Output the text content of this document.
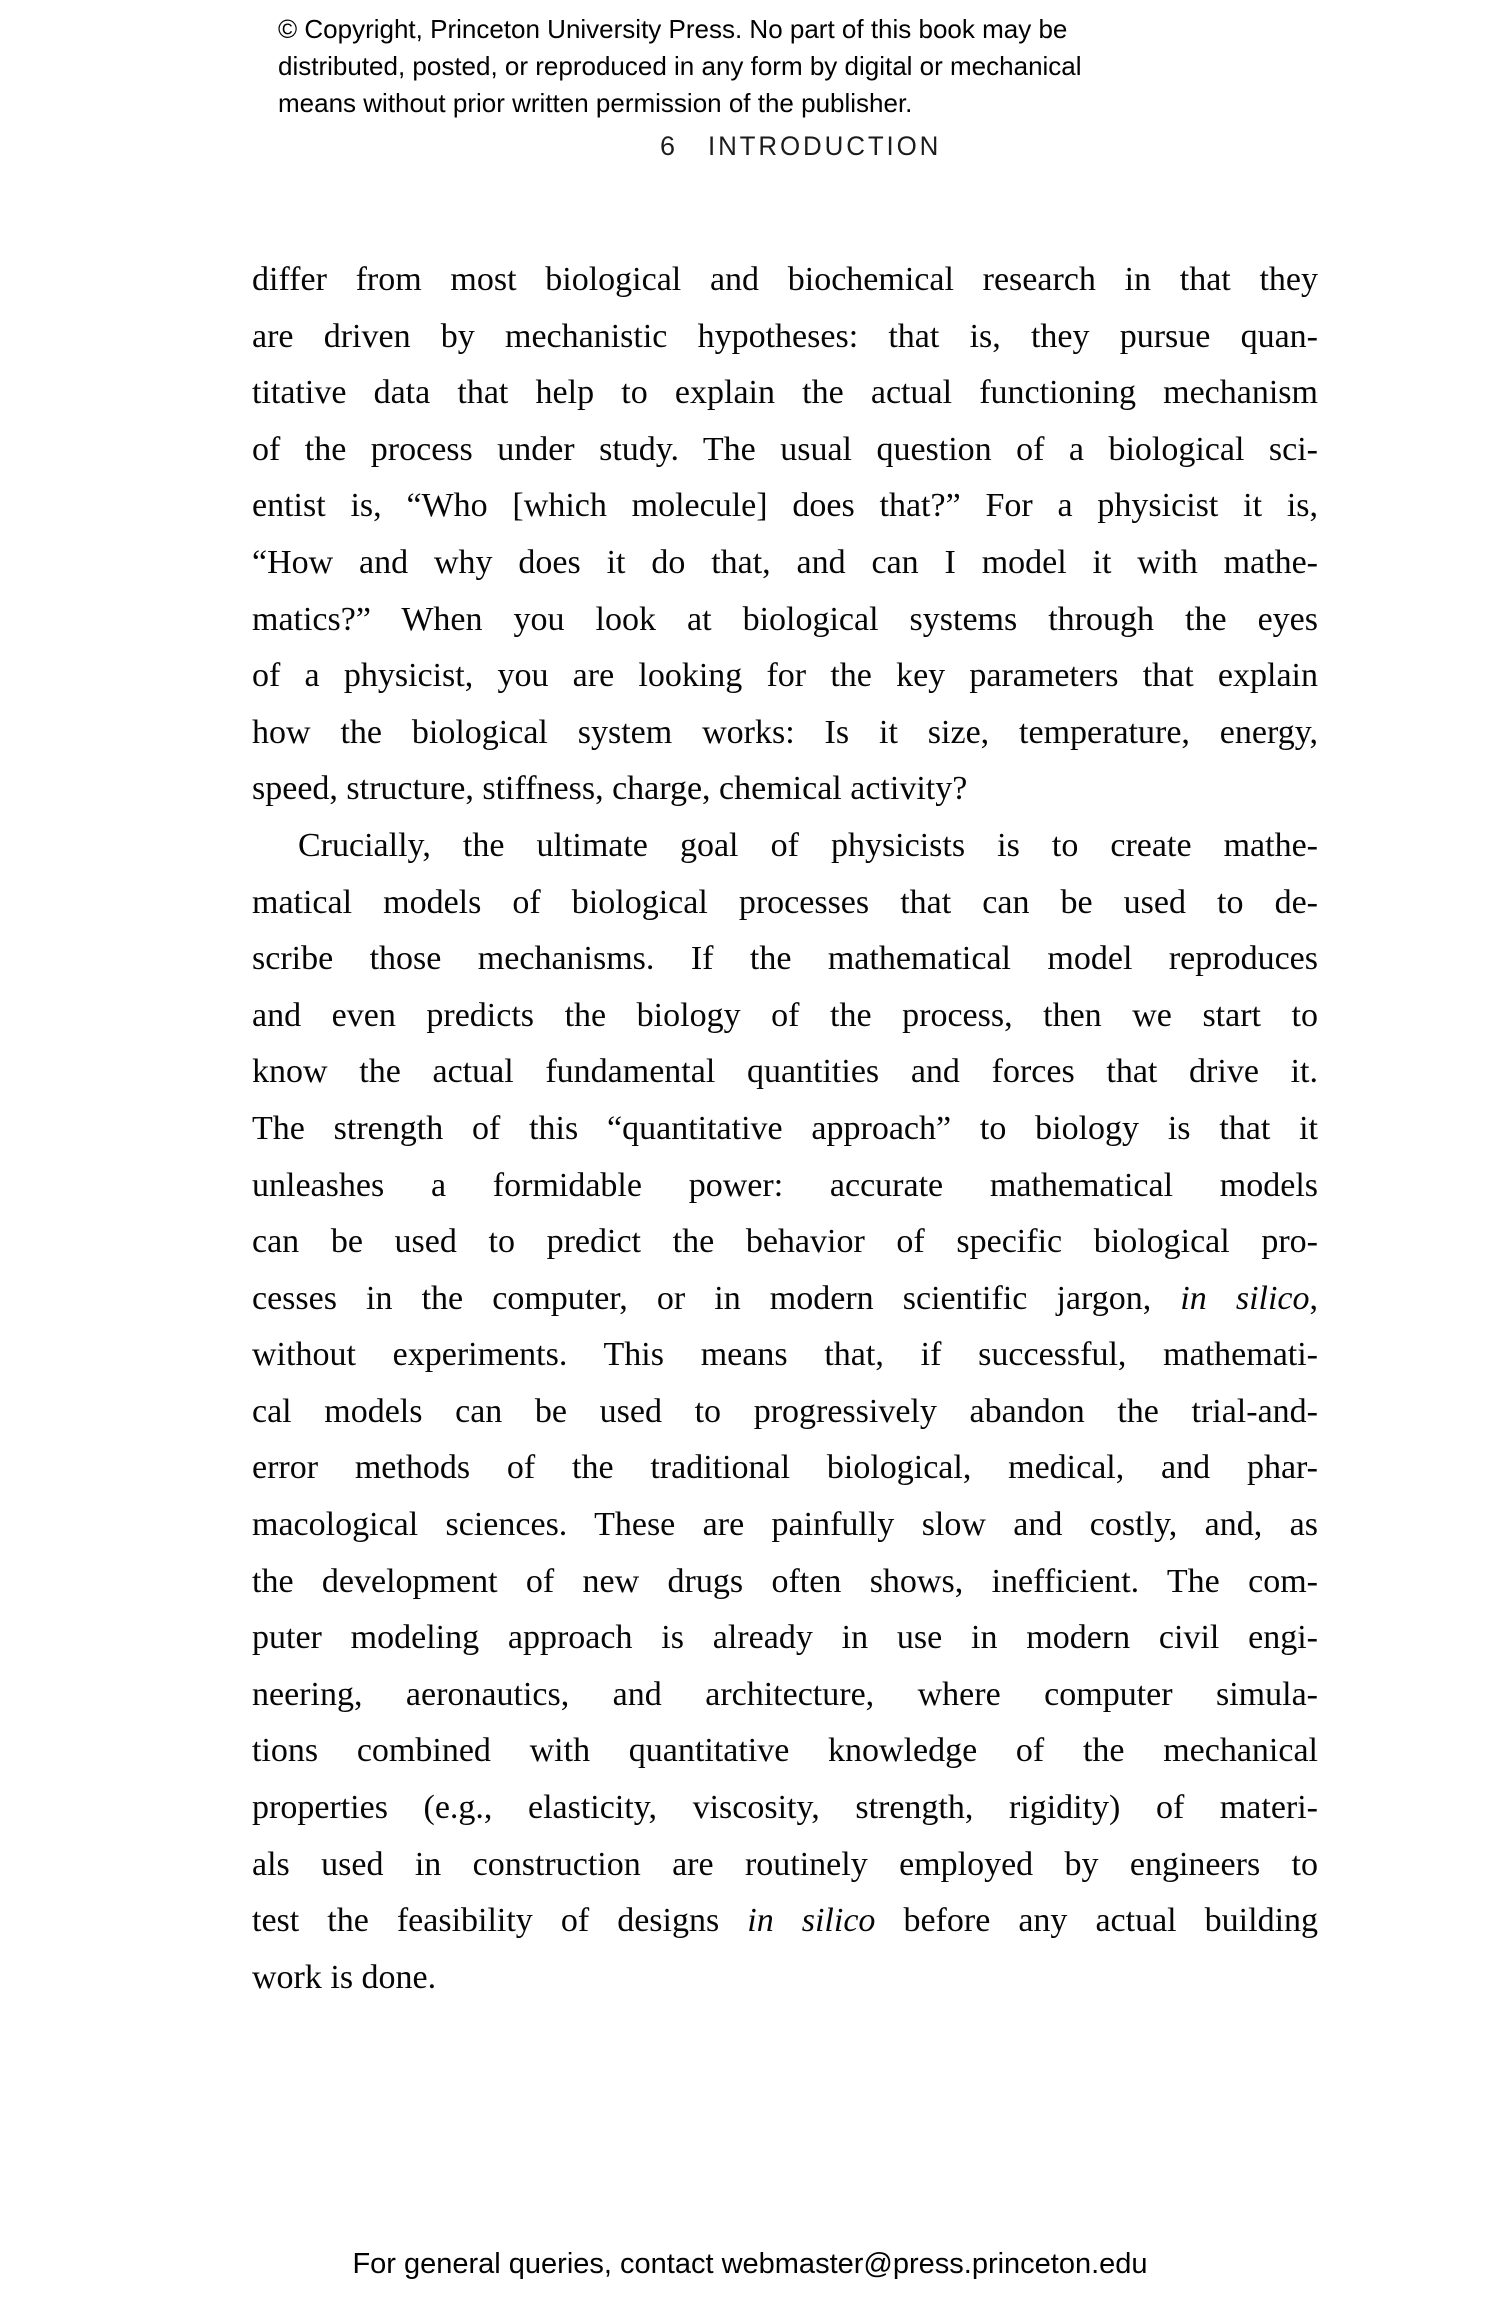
© Copyright, Princeton University Press. No part of this book may be
distributed, posted, or reproduced in any form by digital or mechanical
means without prior written permission of the publisher.
6 INTRODUCTION
differ from most biological and biochemical research in that they
are driven by mechanistic hypotheses: that is, they pursue quan-
titative data that help to explain the actual functioning mechanism
of the process under study. The usual question of a biological sci-
entist is, “Who [which molecule] does that?” For a physicist it is,
“How and why does it do that, and can I model it with mathe-
matics?” When you look at biological systems through the eyes
of a physicist, you are looking for the key parameters that explain
how the biological system works: Is it size, temperature, energy,
speed, structure, stiffness, charge, chemical activity?
Crucially, the ultimate goal of physicists is to create mathe-
matical models of biological processes that can be used to de-
scribe those mechanisms. If the mathematical model reproduces
and even predicts the biology of the process, then we start to
know the actual fundamental quantities and forces that drive it.
The strength of this “quantitative approach” to biology is that it
unleashes a formidable power: accurate mathematical models
can be used to predict the behavior of specific biological pro-
cesses in the computer, or in modern scientific jargon, in silico,
without experiments. This means that, if successful, mathemati-
cal models can be used to progressively abandon the trial-and-
error methods of the traditional biological, medical, and phar-
macological sciences. These are painfully slow and costly, and, as
the development of new drugs often shows, inefficient. The com-
puter modeling approach is already in use in modern civil engi-
neering, aeronautics, and architecture, where computer simula-
tions combined with quantitative knowledge of the mechanical
properties (e.g., elasticity, viscosity, strength, rigidity) of materi-
als used in construction are routinely employed by engineers to
test the feasibility of designs in silico before any actual building
work is done.
For general queries, contact webmaster@press.princeton.edu
